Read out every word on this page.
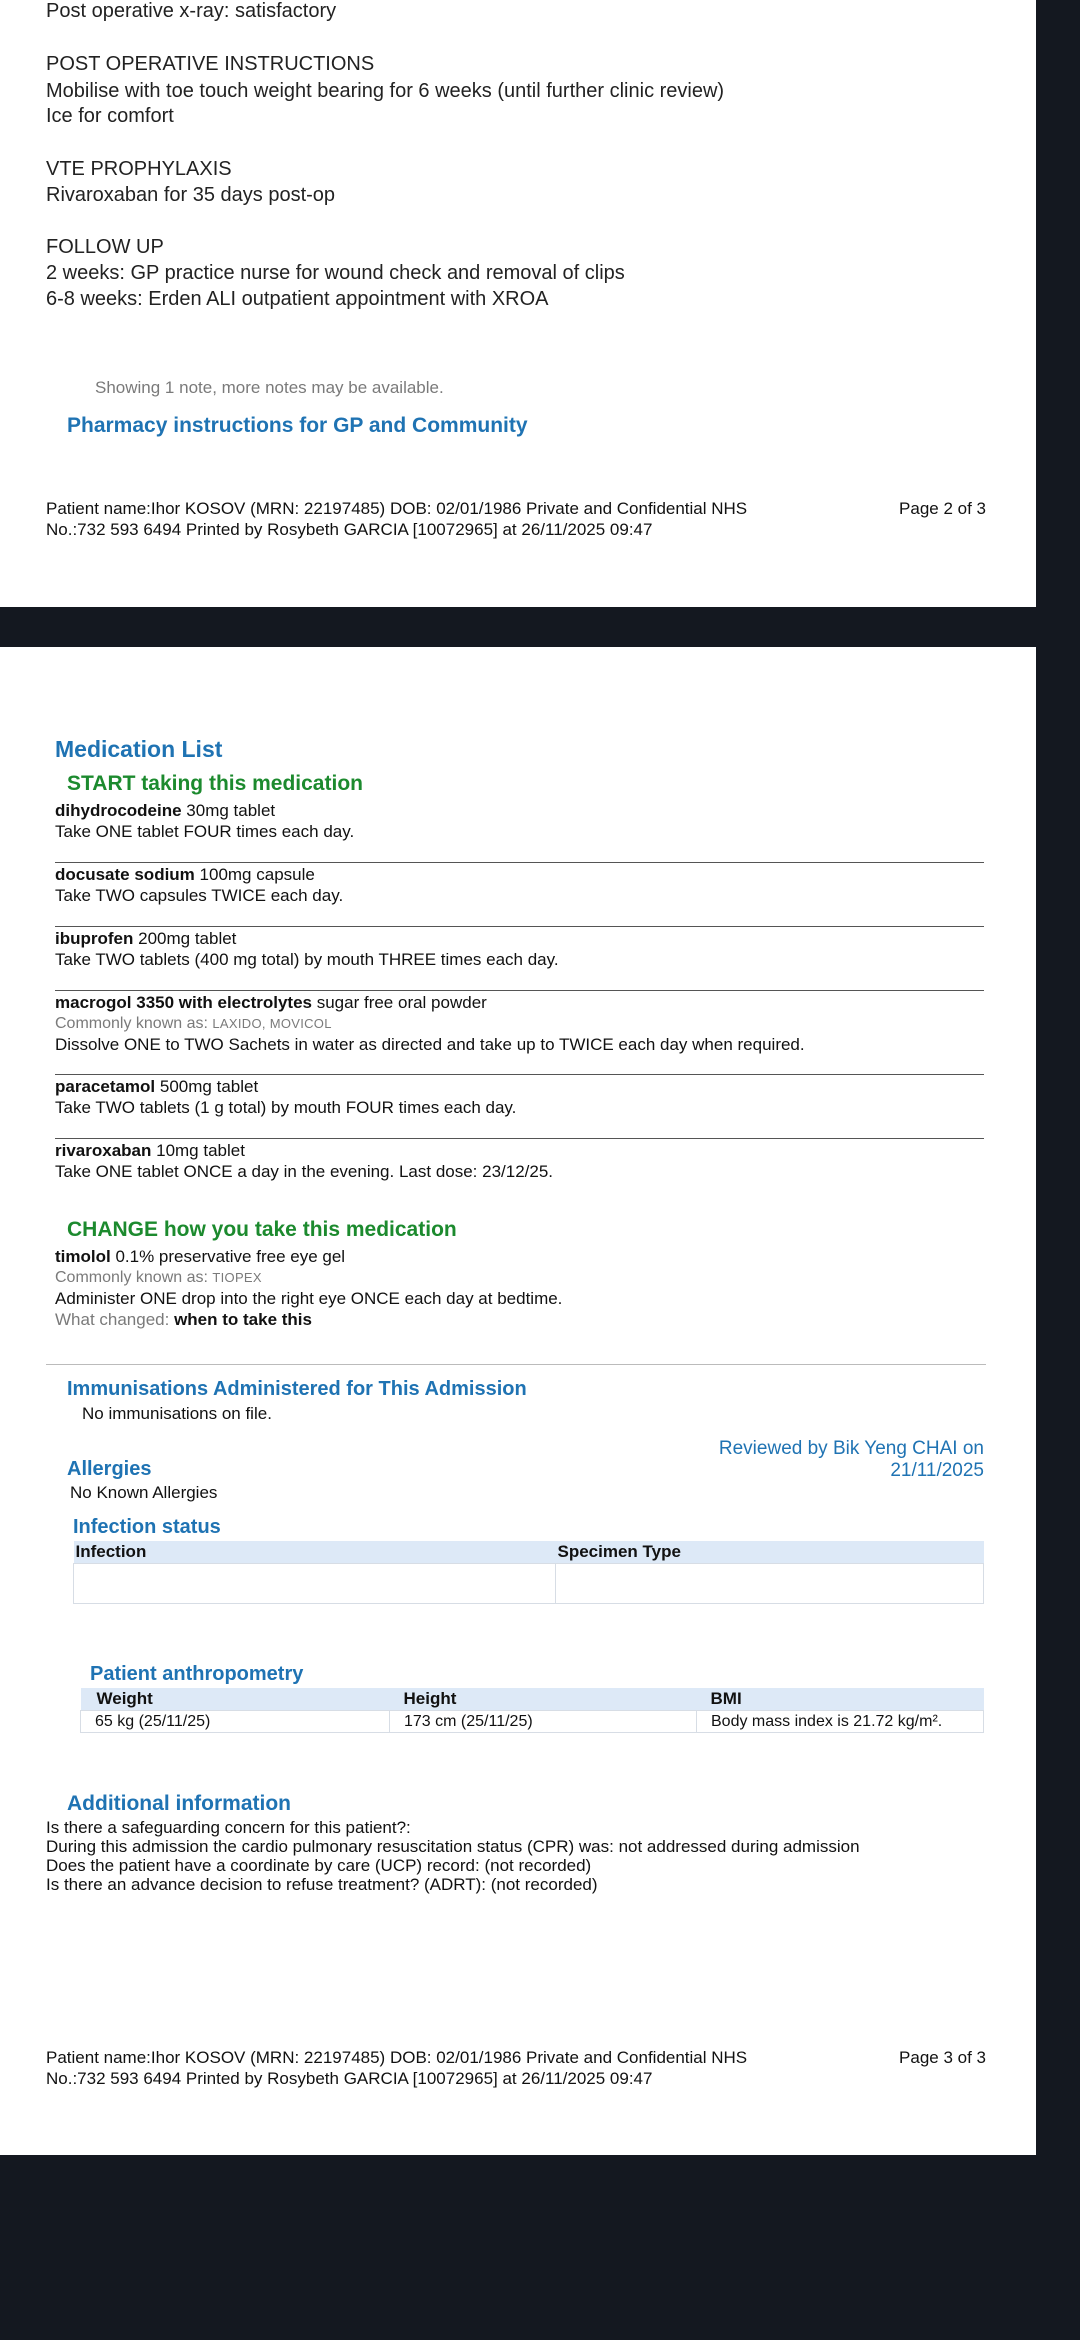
Post operative x-ray: satisfactory
POST OPERATIVE INSTRUCTIONS
Mobilise with toe touch weight bearing for 6 weeks (until further clinic review)
Ice for comfort
VTE PROPHYLAXIS
Rivaroxaban for 35 days post-op
FOLLOW UP
2 weeks: GP practice nurse for wound check and removal of clips
6-8 weeks: Erden ALI outpatient appointment with XROA
Showing 1 note, more notes may be available.
Pharmacy instructions for GP and Community
Patient name:Ihor KOSOV (MRN: 22197485) DOB: 02/01/1986 Private and Confidential NHS
No.:732 593 6494 Printed by Rosybeth GARCIA [10072965] at 26/11/2025 09:47
Page 2 of 3
Medication List
START taking this medication
dihydrocodeine 30mg tablet
Take ONE tablet FOUR times each day.
docusate sodium 100mg capsule
Take TWO capsules TWICE each day.
ibuprofen 200mg tablet
Take TWO tablets (400 mg total) by mouth THREE times each day.
macrogol 3350 with electrolytes sugar free oral powder
Commonly known as: LAXIDO, MOVICOL
Dissolve ONE to TWO Sachets in water as directed and take up to TWICE each day when required.
paracetamol 500mg tablet
Take TWO tablets (1 g total) by mouth FOUR times each day.
rivaroxaban 10mg tablet
Take ONE tablet ONCE a day in the evening. Last dose: 23/12/25.
CHANGE how you take this medication
timolol 0.1% preservative free eye gel
Commonly known as: TIOPEX
Administer ONE drop into the right eye ONCE each day at bedtime.
What changed: when to take this
Immunisations Administered for This Admission
No immunisations on file.
Allergies
No Known Allergies
Reviewed by Bik Yeng CHAI on
21/11/2025
Infection status
Infection	Specimen Type

Patient anthropometry
Weight	Height	BMI
65 kg (25/11/25)	173 cm (25/11/25)	Body mass index is 21.72 kg/m².
Additional information
Is there a safeguarding concern for this patient?:
During this admission the cardio pulmonary resuscitation status (CPR) was: not addressed during admission
Does the patient have a coordinate by care (UCP) record: (not recorded)
Is there an advance decision to refuse treatment? (ADRT): (not recorded)
Patient name:Ihor KOSOV (MRN: 22197485) DOB: 02/01/1986 Private and Confidential NHS
No.:732 593 6494 Printed by Rosybeth GARCIA [10072965] at 26/11/2025 09:47
Page 3 of 3
